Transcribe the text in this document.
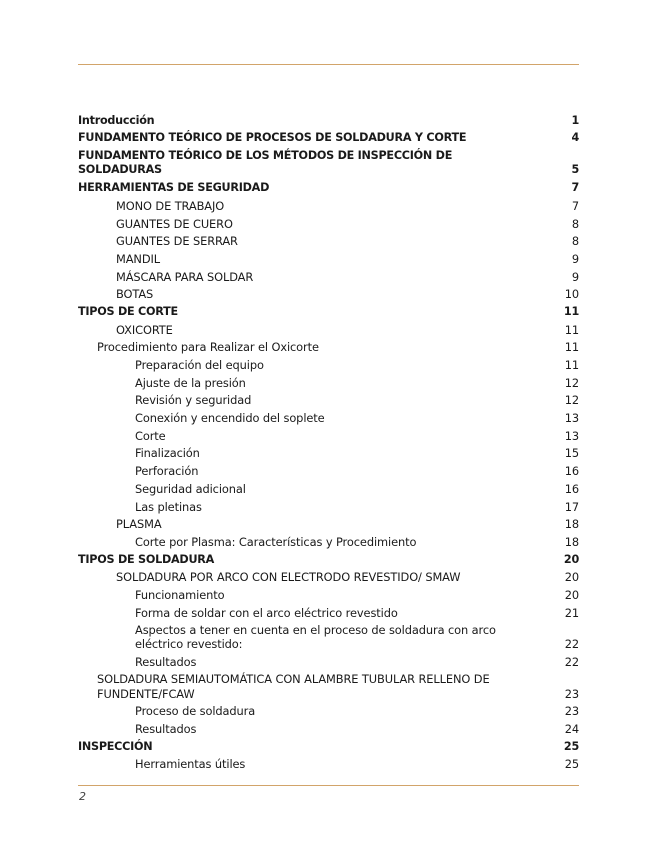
Introducción	1
FUNDAMENTO TEÓRICO DE PROCESOS DE SOLDADURA Y CORTE	4
FUNDAMENTO TEÓRICO DE LOS MÉTODOS DE INSPECCIÓN DE SOLDADURAS	5
HERRAMIENTAS DE SEGURIDAD	7
MONO DE TRABAJO	7
GUANTES DE CUERO	8
GUANTES DE SERRAR	8
MANDIL	9
MÁSCARA PARA SOLDAR	9
BOTAS	10
TIPOS DE CORTE	11
OXICORTE	11
Procedimiento para Realizar el Oxicorte	11
Preparación del equipo	11
Ajuste de la presión	12
Revisión y seguridad	12
Conexión y encendido del soplete	13
Corte	13
Finalización	15
Perforación	16
Seguridad adicional	16
Las pletinas	17
PLASMA	18
Corte por Plasma: Características y Procedimiento	18
TIPOS DE SOLDADURA	20
SOLDADURA POR ARCO CON ELECTRODO REVESTIDO/ SMAW	20
Funcionamiento	20
Forma de soldar con el arco eléctrico revestido	21
Aspectos a tener en cuenta en el proceso de soldadura con arco eléctrico revestido:	22
Resultados	22
SOLDADURA SEMIAUTOMÁTICA CON ALAMBRE TUBULAR RELLENO DE FUNDENTE/FCAW	23
Proceso de soldadura	23
Resultados	24
INSPECCIÓN	25
Herramientas útiles	25
2
